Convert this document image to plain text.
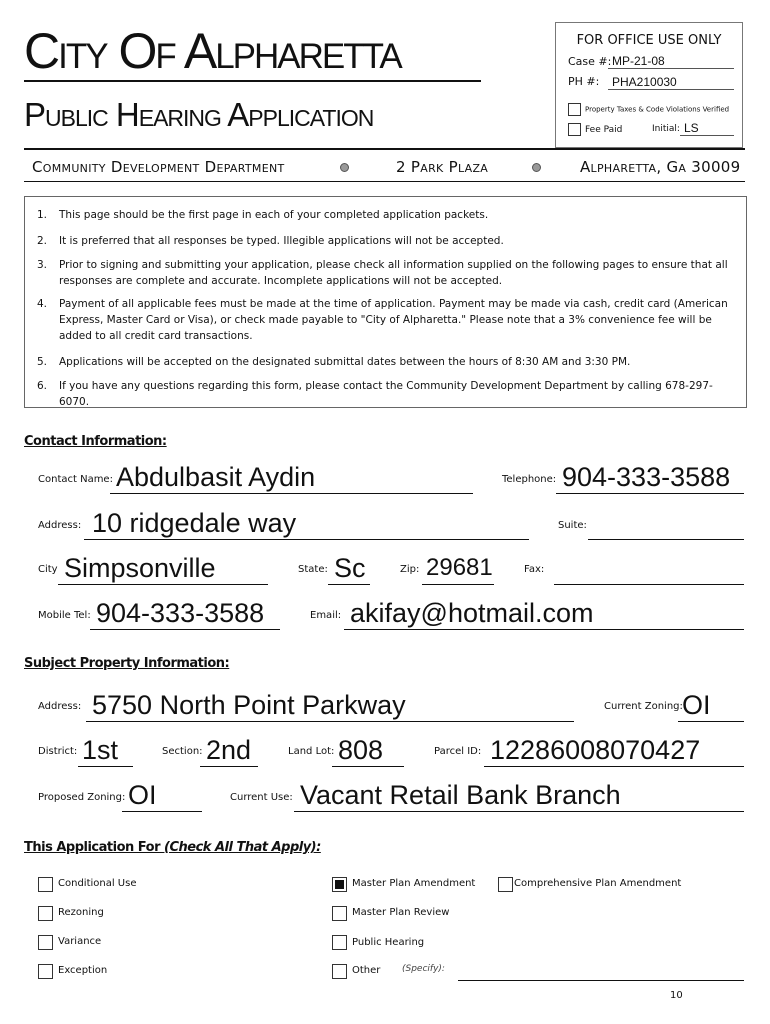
City Of Alpharetta
Public Hearing Application
FOR OFFICE USE ONLY
Case #: MP-21-08
PH #:	PHA210030
Property Taxes & Code Violations Verified
Fee Paid	Initial: LS
Community Development Department	2 Park Plaza	Alpharetta, Ga 30009
1.	This page should be the first page in each of your completed application packets.
2.	It is preferred that all responses be typed. Illegible applications will not be accepted.
3.	Prior to signing and submitting your application, please check all information supplied on the following pages to ensure that all responses are complete and accurate. Incomplete applications will not be accepted.
4.	Payment of all applicable fees must be made at the time of application. Payment may be made via cash, credit card (American Express, Master Card or Visa), or check made payable to "City of Alpharetta." Please note that a 3% convenience fee will be added to all credit card transactions.
5.	Applications will be accepted on the designated submittal dates between the hours of 8:30 AM and 3:30 PM.
6.	If you have any questions regarding this form, please contact the Community Development Department by calling 678-297-6070.
Contact Information:
Contact Name: Abdulbasit Aydin	Telephone: 904-333-3588
Address: 10 ridgedale way	Suite:
City Simpsonville	State: Sc	Zip: 29681	Fax:
Mobile Tel: 904-333-3588	Email: akifay@hotmail.com
Subject Property Information:
Address: 5750 North Point Parkway	Current Zoning: OI
District: 1st	Section: 2nd	Land Lot: 808	Parcel ID: 12286008070427
Proposed Zoning: OI	Current Use: Vacant Retail Bank Branch
This Application For (Check All That Apply):
Conditional Use
Rezoning
Variance
Exception
Master Plan Amendment
Master Plan Review
Public Hearing
Other (Specify):
Comprehensive Plan Amendment
10
